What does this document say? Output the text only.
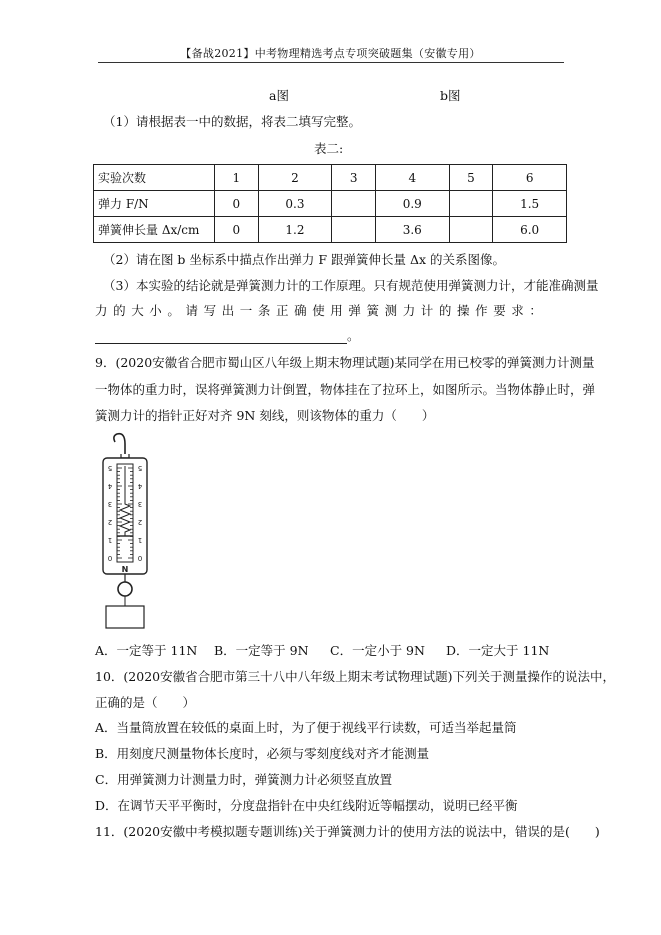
【备战2021】中考物理精选考点专项突破题集（安徽专用）
a图	b图
（1）请根据表一中的数据，将表二填写完整。
表二:
实验次数	1	2	3	4	5	6
弹力 F/N	0	0.3		0.9		1.5
弹簧伸长量 Δx/cm	0	1.2		3.6		6.0
（2）请在图 b 坐标系中描点作出弹力 F 跟弹簧伸长量 Δx 的关系图像。
（3）本实验的结论就是弹簧测力计的工作原理。只有规范使用弹簧测力计，才能准确测量
力的大小。请写出一条正确使用弹簧测力计的操作要求：
。
9．(2020安徽省合肥市蜀山区八年级上期末物理试题)某同学在用已校零的弹簧测力计测量
一物体的重力时，误将弹簧测力计倒置，物体挂在了拉环上，如图所示。当物体静止时，弹
簧测力计的指针正好对齐 9N 刻线，则该物体的重力（　　）
5	5
4	4
3	3
2	2
1	1
0	0
N
A．一定等于 11N B．一定等于 9N C．一定小于 9N D．一定大于 11N
10．(2020安徽省合肥市第三十八中八年级上期末考试物理试题)下列关于测量操作的说法中，
正确的是（　　）
A．当量筒放置在较低的桌面上时，为了便于视线平行读数，可适当举起量筒
B．用刻度尺测量物体长度时，必须与零刻度线对齐才能测量
C．用弹簧测力计测量力时，弹簧测力计必须竖直放置
D．在调节天平平衡时，分度盘指针在中央红线附近等幅摆动，说明已经平衡
11．(2020安徽中考模拟题专题训练)关于弹簧测力计的使用方法的说法中，错误的是(　　)
